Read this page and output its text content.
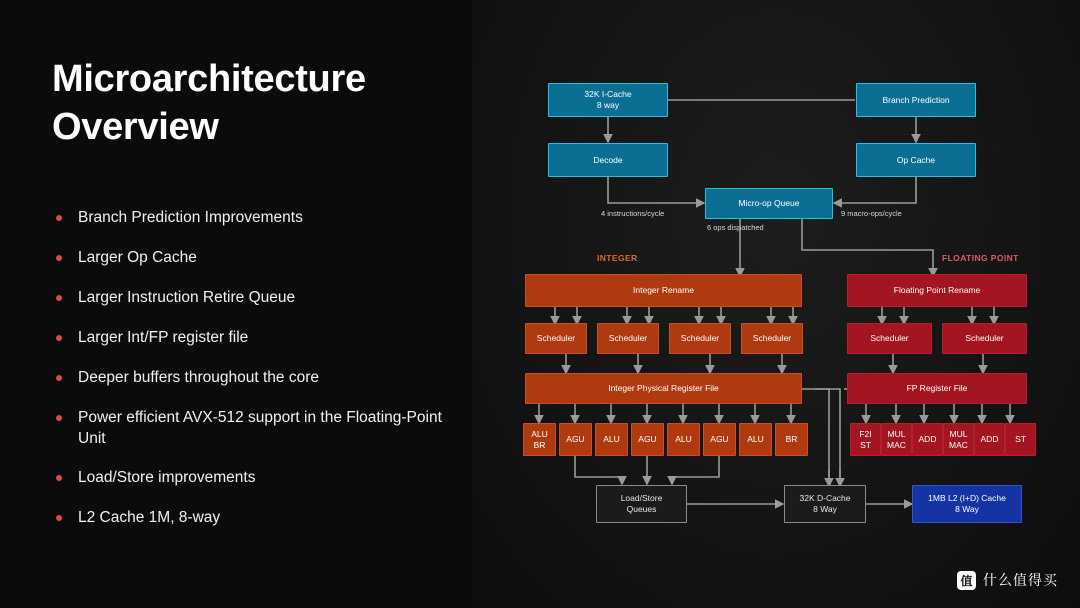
Microarchitecture Overview
Branch Prediction Improvements
Larger Op Cache
Larger Instruction Retire Queue
Larger Int/FP register file
Deeper buffers throughout the core
Power efficient AVX-512 support in the Floating-Point Unit
Load/Store improvements
L2 Cache 1M, 8-way
32K I-Cache
8 way
Branch Prediction
Decode	Op Cache
Micro-op Queue
4 instructions/cycle	9 macro-ops/cycle
6 ops dispatched
INTEGER	FLOATING POINT
Integer Rename
Scheduler	Scheduler	Scheduler	Scheduler
Integer Physical Register File
ALU
BR
AGU ALU AGU ALU AGU ALU	BR
Floating Point Rename
Scheduler	Scheduler
FP Register File
F2I
ST
MUL
MAC
ADD
MUL
MAC
ADD ST
Load/Store
Queues
32K D-Cache
8 Way
1MB L2 (I+D) Cache
8 Way
值 什么值得买
